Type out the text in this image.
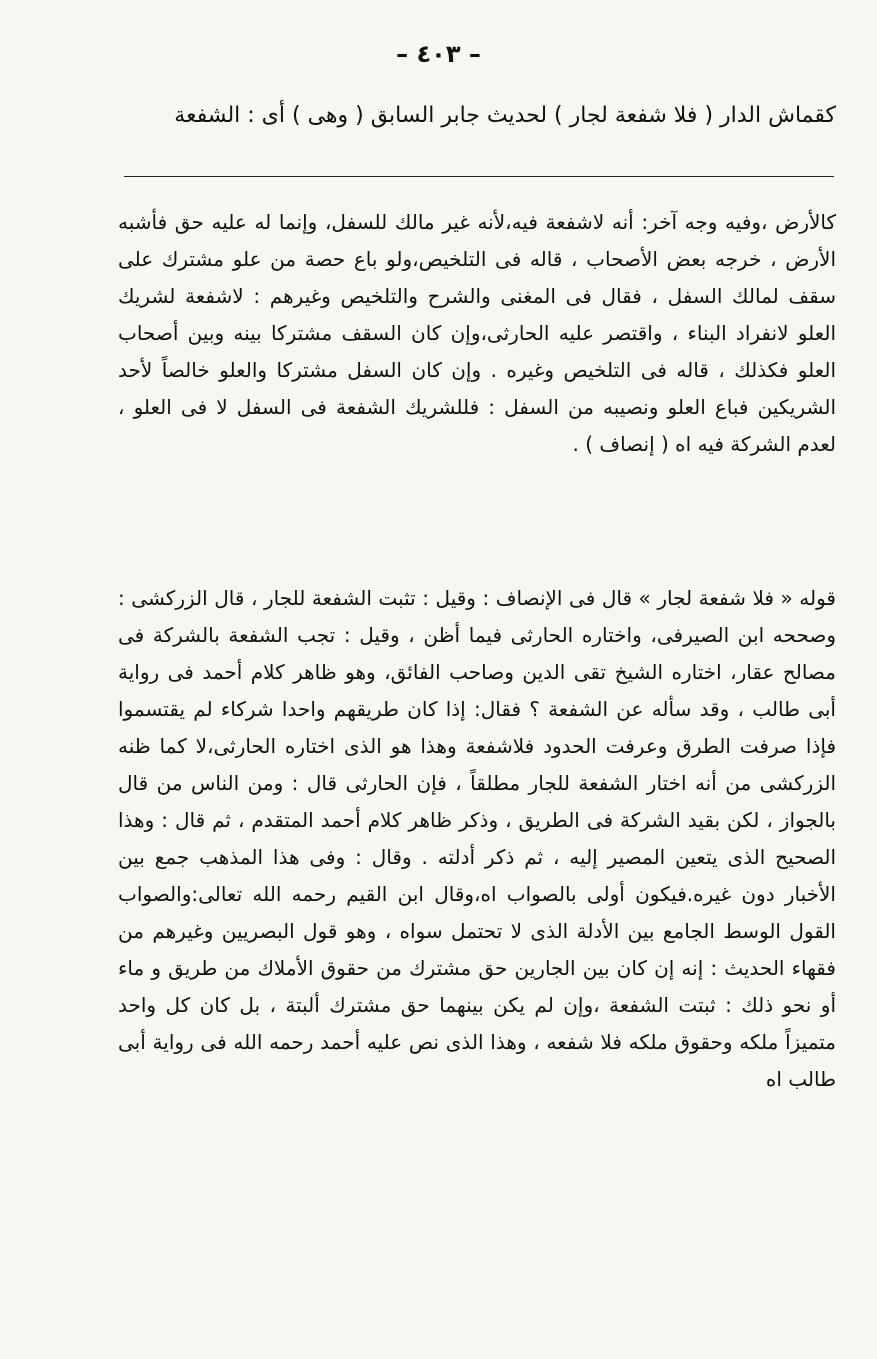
– ٤٠٣ –
كقماش الدار ( فلا شفعة لجار ) لحديث جابر السابق ( وهى ) أى : الشفعة

كالأرض ،وفيه وجه آخر: أنه لاشفعة فيه،لأنه غير مالك للسفل، وإنما له عليه حق فأشبه الأرض ، خرجه بعض الأصحاب ، قاله فى التلخيص،ولو باع حصة من علو مشترك على سقف لمالك السفل ، فقال فى المغنى والشرح والتلخيص وغيرهم : لاشفعة لشريك العلو لانفراد البناء ، واقتصر عليه الحارثى،وإن كان السقف مشتركا بينه وبين أصحاب العلو فكذلك ، قاله فى التلخيص وغيره . وإن كان السفل مشتركا والعلو خالصاً لأحد الشريكين فباع العلو ونصيبه من السفل : فللشريك الشفعة فى السفل لا فى العلو ، لعدم الشركة فيه اه ( إنصاف ) .

قوله « فلا شفعة لجار » قال فى الإنصاف : وقيل : تثبت الشفعة للجار ، قال الزركشى : وصححه ابن الصيرفى، واختاره الحارثى فيما أظن ، وقيل : تجب الشفعة بالشركة فى مصالح عقار، اختاره الشيخ تقى الدين وصاحب الفائق، وهو ظاهر كلام أحمد فى رواية أبى طالب ، وقد سأله عن الشفعة ؟ فقال: إذا كان طريقهم واحدا شركاء لم يقتسموا فإذا صرفت الطرق وعرفت الحدود فلاشفعة وهذا هو الذى اختاره الحارثى،لا كما ظنه الزركشى من أنه اختار الشفعة للجار مطلقاً ، فإن الحارثى قال : ومن الناس من قال بالجواز ، لكن بقيد الشركة فى الطريق ، وذكر ظاهر كلام أحمد المتقدم ، ثم قال : وهذا الصحيح الذى يتعين المصير إليه ، ثم ذكر أدلته . وقال : وفى هذا المذهب جمع بين الأخبار دون غيره.فيكون أولى بالصواب اه،وقال ابن القيم رحمه الله تعالى:والصواب القول الوسط الجامع بين الأدلة الذى لا تحتمل سواه ، وهو قول البصريين وغيرهم من فقهاء الحديث : إنه إن كان بين الجارين حق مشترك من حقوق الأملاك من طريق و ماء أو نحو ذلك : ثبتت الشفعة ،وإن لم يكن بينهما حق مشترك ألبتة ، بل كان كل واحد متميزاً ملكه وحقوق ملكه فلا شفعه ، وهذا الذى نص عليه أحمد رحمه الله فى رواية أبى طالب اه
